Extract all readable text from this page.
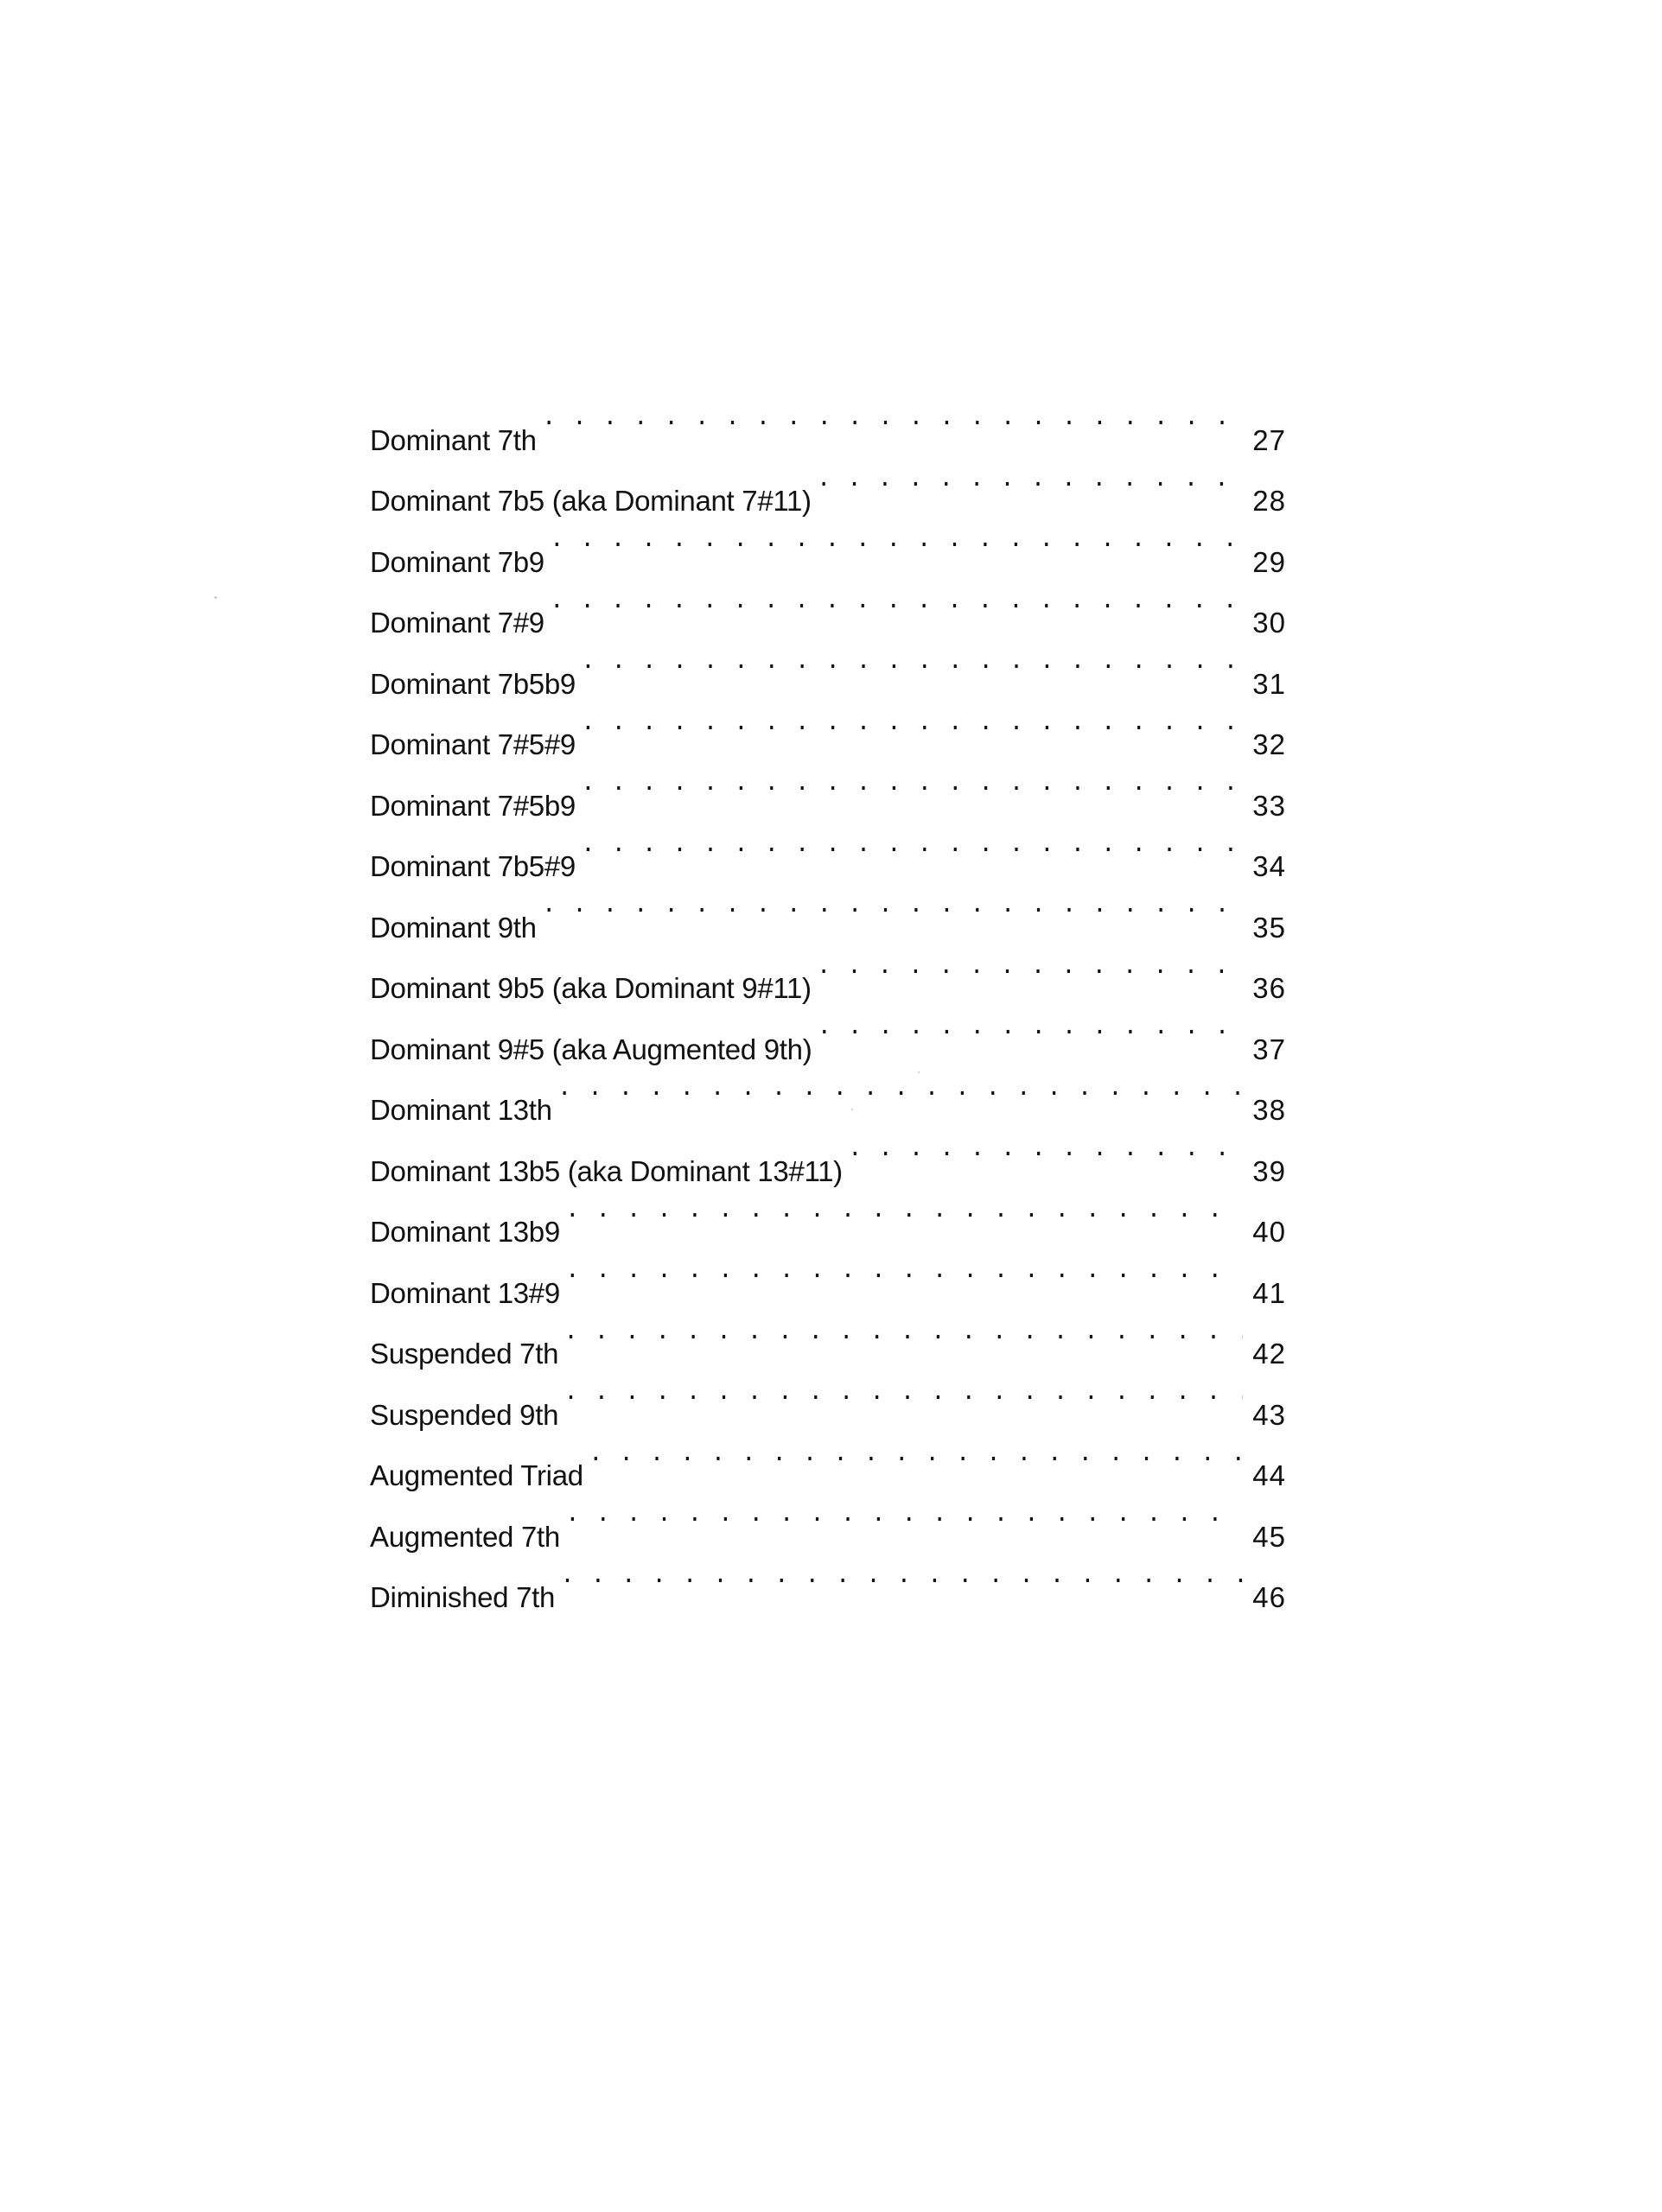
Dominant 7th . . .	27
Dominant 7b5 (aka Dominant 7#11) . . .	28
Dominant 7b9 . . .	29
Dominant 7#9 . . .	30
Dominant 7b5b9 . . .	31
Dominant 7#5#9 . . .	32
Dominant 7#5b9 . . .	33
Dominant 7b5#9 . . .	34
Dominant 9th . . .	35
Dominant 9b5 (aka Dominant 9#11) . . .	36
Dominant 9#5 (aka Augmented 9th) . . .	37
Dominant 13th . . .	38
Dominant 13b5 (aka Dominant 13#11) . . .	39
Dominant 13b9 . . .	40
Dominant 13#9 . . .	41
Suspended 7th . . .	42
Suspended 9th . . .	43
Augmented Triad . . .	44
Augmented 7th . . .	45
Diminished 7th . . .	46
